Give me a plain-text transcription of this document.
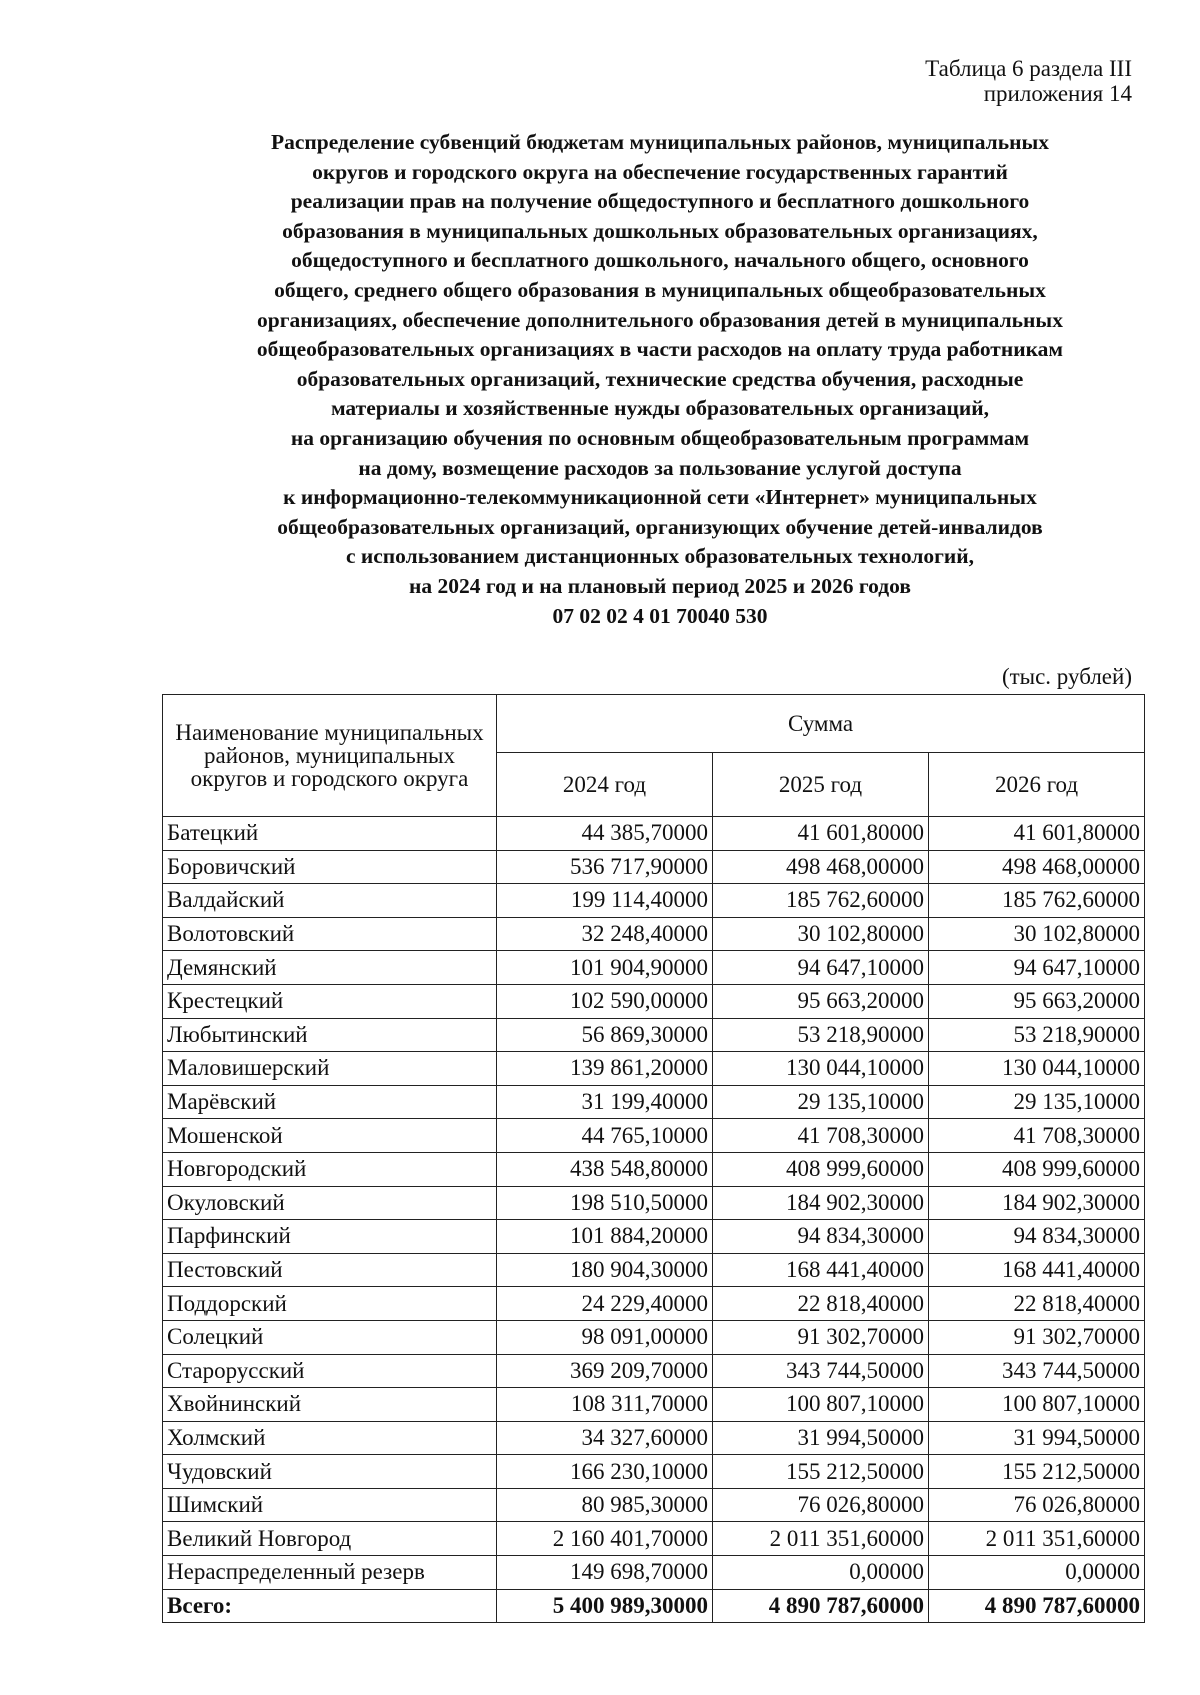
Таблица 6 раздела III
приложения 14
Распределение субвенций бюджетам муниципальных районов, муниципальных
округов и городского округа на обеспечение государственных гарантий
реализации прав на получение общедоступного и бесплатного дошкольного
образования в муниципальных дошкольных образовательных организациях,
общедоступного и бесплатного дошкольного, начального общего, основного
общего, среднего общего образования в муниципальных общеобразовательных
организациях, обеспечение дополнительного образования детей в муниципальных
общеобразовательных организациях в части расходов на оплату труда работникам
образовательных организаций, технические средства обучения, расходные
материалы и хозяйственные нужды образовательных организаций,
на организацию обучения по основным общеобразовательным программам
на дому, возмещение расходов за пользование услугой доступа
к информационно-телекоммуникационной сети «Интернет» муниципальных
общеобразовательных организаций, организующих обучение детей-инвалидов
с использованием дистанционных образовательных технологий,
на 2024 год и на плановый период 2025 и 2026 годов
07 02 02 4 01 70040 530
(тыс. рублей)
Наименование муниципальных районов, муниципальных округов и городского округа	Сумма		
	2024 год	2025 год	2026 год
Батецкий	44 385,70000	41 601,80000	41 601,80000
Боровичский	536 717,90000	498 468,00000	498 468,00000
Валдайский	199 114,40000	185 762,60000	185 762,60000
Волотовский	32 248,40000	30 102,80000	30 102,80000
Демянский	101 904,90000	94 647,10000	94 647,10000
Крестецкий	102 590,00000	95 663,20000	95 663,20000
Любытинский	56 869,30000	53 218,90000	53 218,90000
Маловишерский	139 861,20000	130 044,10000	130 044,10000
Марёвский	31 199,40000	29 135,10000	29 135,10000
Мошенской	44 765,10000	41 708,30000	41 708,30000
Новгородский	438 548,80000	408 999,60000	408 999,60000
Окуловский	198 510,50000	184 902,30000	184 902,30000
Парфинский	101 884,20000	94 834,30000	94 834,30000
Пестовский	180 904,30000	168 441,40000	168 441,40000
Поддорский	24 229,40000	22 818,40000	22 818,40000
Солецкий	98 091,00000	91 302,70000	91 302,70000
Старорусский	369 209,70000	343 744,50000	343 744,50000
Хвойнинский	108 311,70000	100 807,10000	100 807,10000
Холмский	34 327,60000	31 994,50000	31 994,50000
Чудовский	166 230,10000	155 212,50000	155 212,50000
Шимский	80 985,30000	76 026,80000	76 026,80000
Великий Новгород	2 160 401,70000	2 011 351,60000	2 011 351,60000
Нераспределенный резерв	149 698,70000	0,00000	0,00000
Всего:	5 400 989,30000	4 890 787,60000	4 890 787,60000
